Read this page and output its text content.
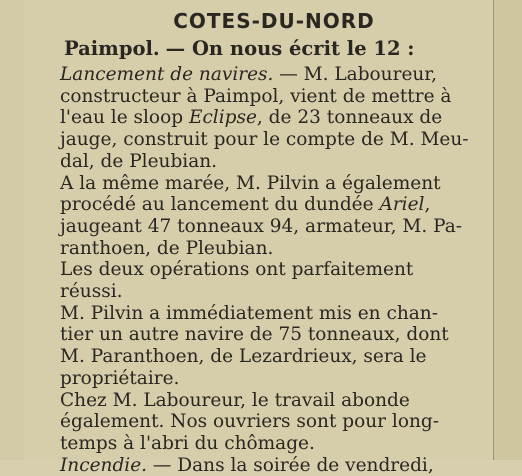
COTES-DU-NORD
Paimpol. — On nous écrit le 12 :

Lancement de navires. — M. Laboureur,
constructeur à Paimpol, vient de mettre à
l'eau le sloop Eclipse, de 23 tonneaux de
jauge, construit pour le compte de M. Meu-
dal, de Pleubian.

A la même marée, M. Pilvin a également
procédé au lancement du dundée Ariel,
jaugeant 47 tonneaux 94, armateur, M. Pa-
ranthoen, de Pleubian.

Les deux opérations ont parfaitement
réussi.

M. Pilvin a immédiatement mis en chan-
tier un autre navire de 75 tonneaux, dont
M. Paranthoen, de Lezardrieux, sera le
propriétaire.

Chez M. Laboureur, le travail abonde
également. Nos ouvriers sont pour long-
temps à l'abri du chômage.

Incendie. — Dans la soirée de vendredi,
